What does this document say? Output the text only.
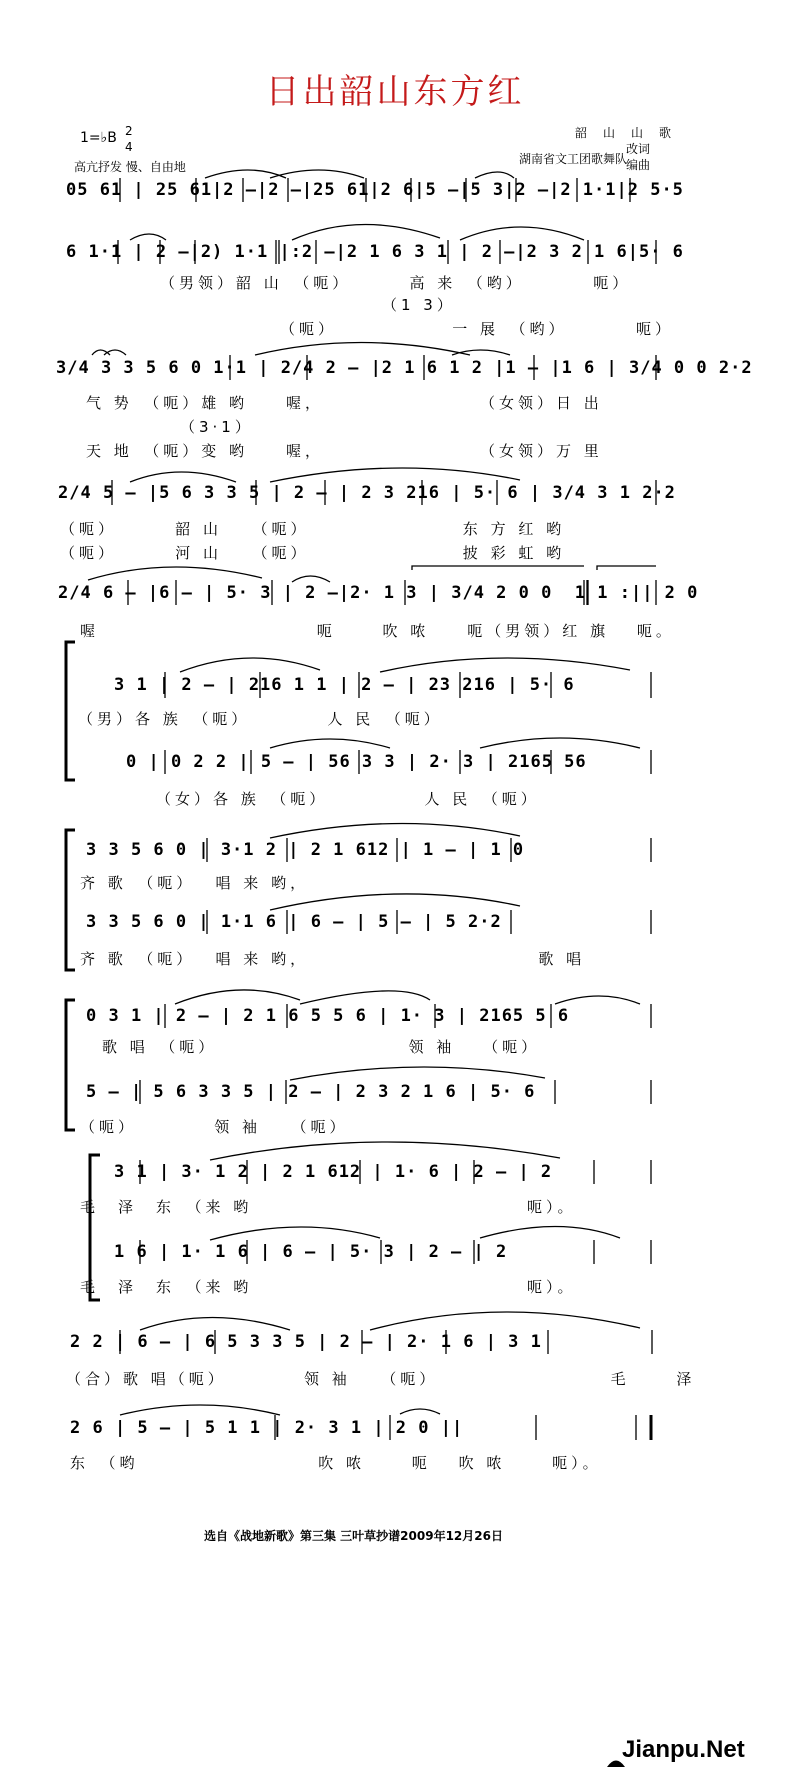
日出韶山东方红
1=♭B 2
4
高亢抒发 慢、自由地
韶　山　山　歌
湖南省文工团歌舞队
改词
编曲
05 61 | 25 61|2 –|2 –|25 61|2 6|5 –|5 3|2 –|2 1·1|2 5·5
6 1·1 | 2 –|2) 1·1 |:2 –|2 1 6 3 1 | 2 –|2 3 2 1 6|5· 6
（男领）韶 山　（呃）　　　 高 来　（哟）　　　　呃）
（1 3）
（呃）　　　　　　 一 展　（哟）　　　　呃）
3/4 3 3 5 6 0 1·1 | 2/4 2 – |2 1 6 1 2 |1 – |1 6 | 3/4 0 0 2·2
气 势　（呃）雄 哟　　喔，　　　　　　　　　（女领）日 出
（3·1）
天 地　（呃）变 哟　　喔，　　　　　　　　　（女领）万 里
2/4 5 – |5 6 3 3 5 | 2 – | 2 3 216 | 5· 6 | 3/4 3 1 2·2
（呃）　　　 韶 山　　（呃）　　　　　　　　 东 方 红 哟
（呃）　　　 河 山　　（呃）　　　　　　　　 披 彩 虹 哟
2/4 6 – |6 – | 5· 3 | 2 –|2· 1 3 | 3/4 2 0 0  1 1 :|| 2 0
喔　　　　　　　　　　　 呃　　 吹 哝　　呃（男领）红 旗　 呃。
3 1 | 2 – | 216 1 1 | 2 – | 23 216 | 5· 6
（男）各 族　（呃）　　　　 人 民　（呃）
0 | 0 2 2 | 5 – | 56 3 3 | 2· 3 | 2165 56
（女）各 族　（呃）　　　　　 人 民　（呃）
3 3 5 6 0 | 3·1 2 | 2 1 612 | 1 – | 1 0
齐 歌　（呃）　 唱 来 哟，
3 3 5 6 0 | 1·1 6 | 6 – | 5 – | 5 2·2
齐 歌　（呃）　 唱 来 哟，　　　　　　　　　　　　 歌 唱
0 3 1 | 2 – | 2 1 6 5 5 6 | 1· 3 | 2165 5 6
歌 唱　（呃）　　　　　　　　　　 领 袖　 （呃）
5 – | 5 6 3 3 5 | 2 – | 2 3 2 1 6 | 5· 6
（呃）　　　　 领 袖　　（呃）
3 1 | 3· 1 2 | 2 1 612 | 1· 6 | 2 – | 2
毛　泽　东　（来 哟　　　　　　　　　　　　　　 呃）。
1 6 | 1· 1 6 | 6 – | 5· 3 | 2 – | 2
毛　泽　东　（来 哟　　　　　　　　　　　　　　 呃）。
2 2 | 6 – | 6 5 3 3 5 | 2 – | 2· 1 6 | 3 1
（合）歌 唱（呃）　　　　 领 袖　　（呃）　　　　　　　　　 毛　　 泽
2 6 | 5 – | 5 1 1 | 2· 3 1 | 2 0 ||
东　（哟　　　　　　　　　 吹 哝　　 呃　 吹 哝　　 呃）。
选自《战地新歌》第三集 三叶草抄谱2009年12月26日

Jianpu.Net
